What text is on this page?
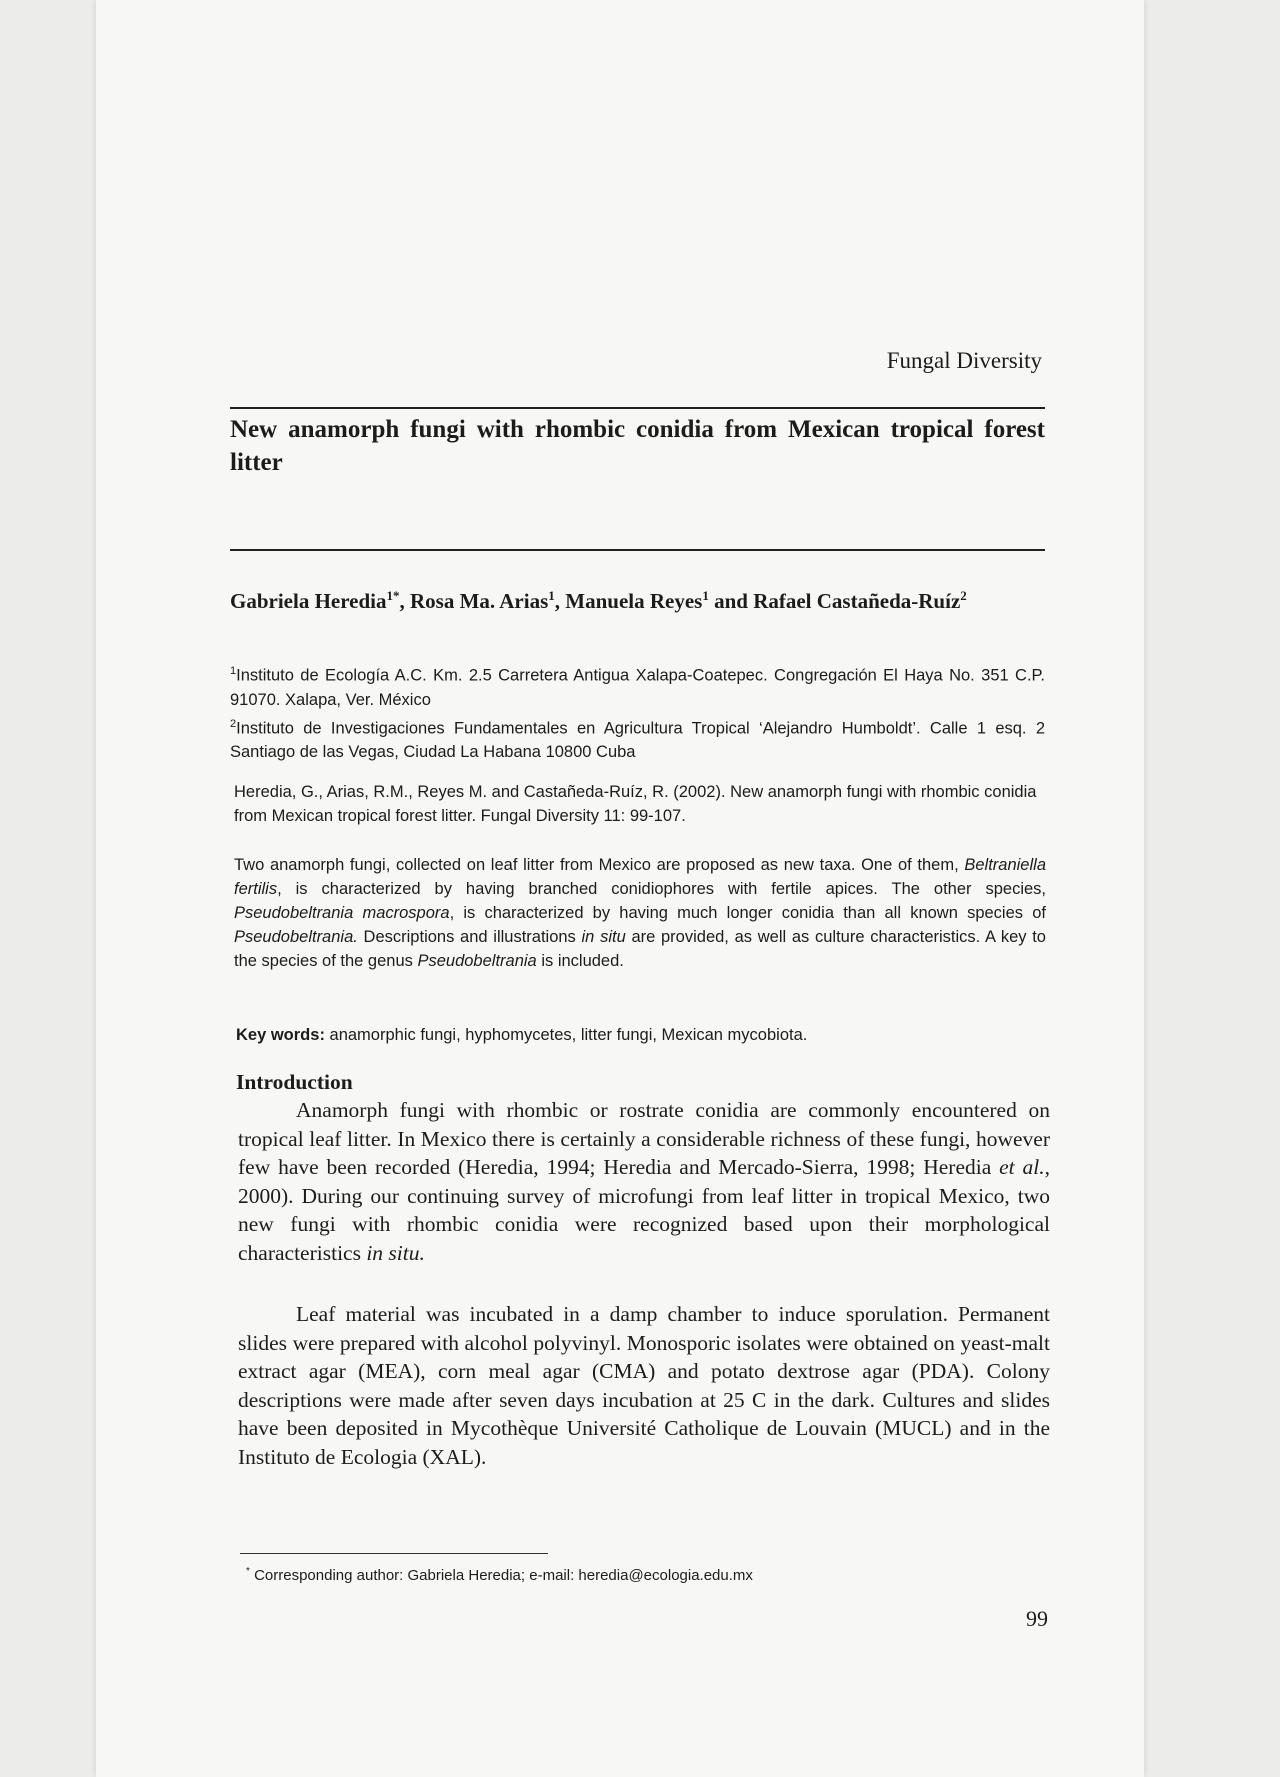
Fungal Diversity
New anamorph fungi with rhombic conidia from Mexican tropical forest litter
Gabriela Heredia$^{1*}$, Rosa Ma. Arias$^1$, Manuela Reyes$^1$ and Rafael Castañeda-Ruíz$^2$

$^1$Instituto de Ecología A.C. Km. 2.5 Carretera Antigua Xalapa-Coatepec. Congregación El Haya No. 351 C.P. 91070. Xalapa, Ver. México

$^2$Instituto de Investigaciones Fundamentales en Agricultura Tropical ‘Alejandro Humboldt’. Calle 1 esq. 2 Santiago de las Vegas, Ciudad La Habana 10800 Cuba

Heredia, G., Arias, R.M., Reyes M. and Castañeda-Ruíz, R. (2002). New anamorph fungi with rhombic conidia from Mexican tropical forest litter. Fungal Diversity 11: 99-107.
Two anamorph fungi, collected on leaf litter from Mexico are proposed as new taxa. One of them, Beltraniella fertilis, is characterized by having branched conidiophores with fertile apices. The other species, Pseudobeltrania macrospora, is characterized by having much longer conidia than all known species of Pseudobeltrania. Descriptions and illustrations in situ are provided, as well as culture characteristics. A key to the species of the genus Pseudobeltrania is included.
Key words: anamorphic fungi, hyphomycetes, litter fungi, Mexican mycobiota.
Introduction

Anamorph fungi with rhombic or rostrate conidia are commonly encountered on tropical leaf litter. In Mexico there is certainly a considerable richness of these fungi, however few have been recorded (Heredia, 1994; Heredia and Mercado-Sierra, 1998; Heredia et al., 2000). During our continuing survey of microfungi from leaf litter in tropical Mexico, two new fungi with rhombic conidia were recognized based upon their morphological characteristics in situ.

Leaf material was incubated in a damp chamber to induce sporulation. Permanent slides were prepared with alcohol polyvinyl. Monosporic isolates were obtained on yeast-malt extract agar (MEA), corn meal agar (CMA) and potato dextrose agar (PDA). Colony descriptions were made after seven days incubation at 25 C in the dark. Cultures and slides have been deposited in Mycothèque Université Catholique de Louvain (MUCL) and in the Instituto de Ecologia (XAL).

* Corresponding author: Gabriela Heredia; e-mail: heredia@ecologia.edu.mx
99
